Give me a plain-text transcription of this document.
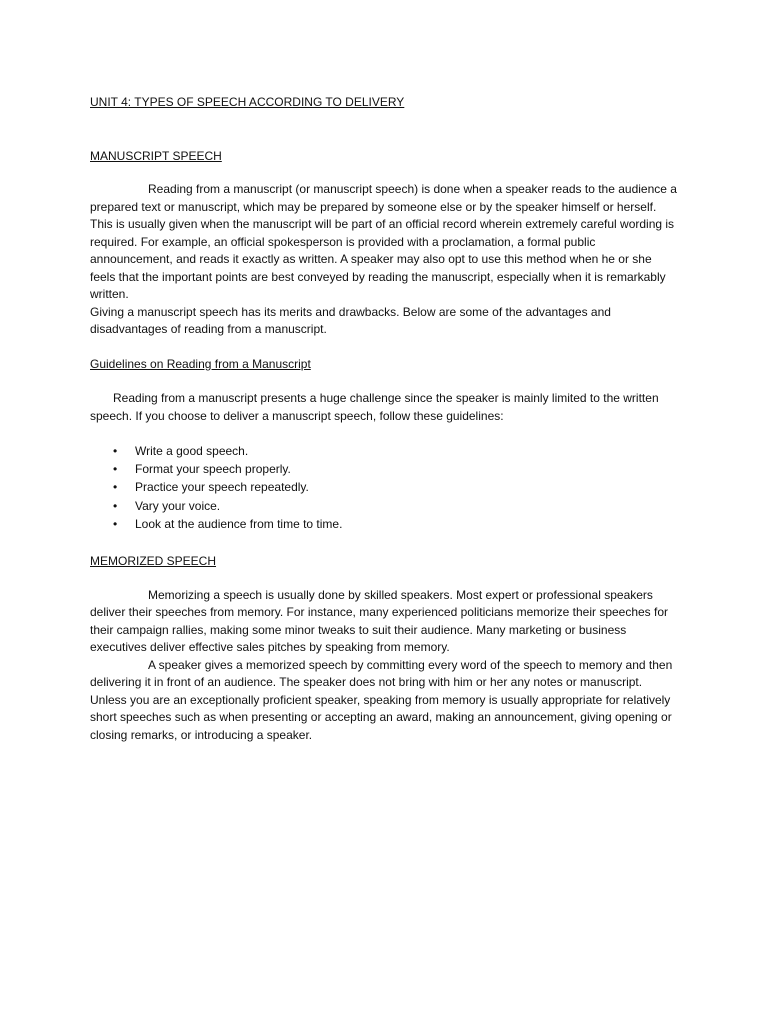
UNIT 4: TYPES OF SPEECH ACCORDING TO DELIVERY
MANUSCRIPT SPEECH

Reading from a manuscript (or manuscript speech) is done when a speaker reads to the audience a prepared text or manuscript, which may be prepared by someone else or by the speaker himself or herself. This is usually given when the manuscript will be part of an official record wherein extremely careful wording is required. For example, an official spokesperson is provided with a proclamation, a formal public announcement, and reads it exactly as written. A speaker may also opt to use this method when he or she feels that the important points are best conveyed by reading the manuscript, especially when it is remarkably written.

Giving a manuscript speech has its merits and drawbacks. Below are some of the advantages and disadvantages of reading from a manuscript.

Guidelines on Reading from a Manuscript

Reading from a manuscript presents a huge challenge since the speaker is mainly limited to the written speech. If you choose to deliver a manuscript speech, follow these guidelines:

• Write a good speech.
• Format your speech properly.
• Practice your speech repeatedly.
• Vary your voice.
• Look at the audience from time to time.
MEMORIZED SPEECH

Memorizing a speech is usually done by skilled speakers. Most expert or professional speakers deliver their speeches from memory. For instance, many experienced politicians memorize their speeches for their campaign rallies, making some minor tweaks to suit their audience. Many marketing or business executives deliver effective sales pitches by speaking from memory.

A speaker gives a memorized speech by committing every word of the speech to memory and then delivering it in front of an audience. The speaker does not bring with him or her any notes or manuscript. Unless you are an exceptionally proficient speaker, speaking from memory is usually appropriate for relatively short speeches such as when presenting or accepting an award, making an announcement, giving opening or closing remarks, or introducing a speaker.
